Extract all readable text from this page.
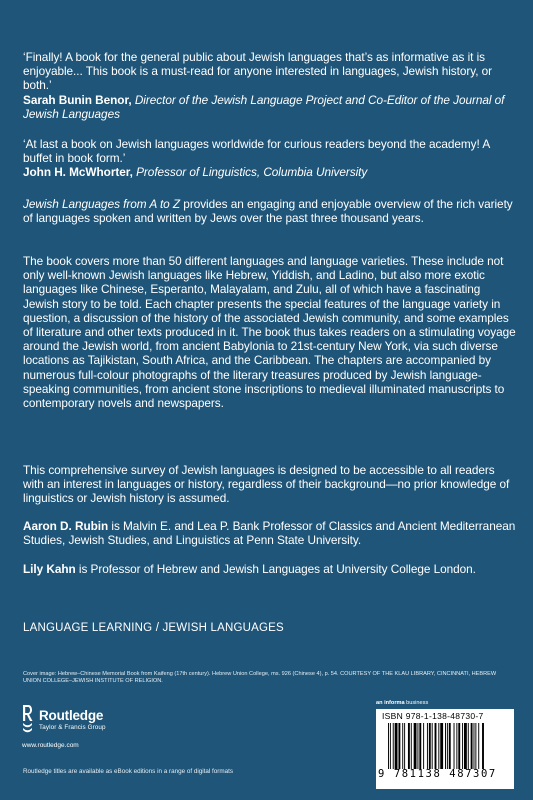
‘Finally! A book for the general public about Jewish languages that’s as informative as it is enjoyable... This book is a must-read for anyone interested in languages, Jewish history, or both.’

Sarah Bunin Benor, Director of the Jewish Language Project and Co-Editor of the Journal of Jewish Languages

‘At last a book on Jewish languages worldwide for curious readers beyond the academy! A buffet in book form.’

John H. McWhorter, Professor of Linguistics, Columbia University

Jewish Languages from A to Z provides an engaging and enjoyable overview of the rich variety of languages spoken and written by Jews over the past three thousand years.

The book covers more than 50 different languages and language varieties. These include not only well-known Jewish languages like Hebrew, Yiddish, and Ladino, but also more exotic languages like Chinese, Esperanto, Malayalam, and Zulu, all of which have a fascinating Jewish story to be told. Each chapter presents the special features of the language variety in question, a discussion of the history of the associated Jewish community, and some examples of literature and other texts produced in it. The book thus takes readers on a stimulating voyage around the Jewish world, from ancient Babylonia to 21st-century New York, via such diverse locations as Tajikistan, South Africa, and the Caribbean. The chapters are accompanied by numerous full-colour photographs of the literary treasures produced by Jewish language-speaking communities, from ancient stone inscriptions to medieval illuminated manuscripts to contemporary novels and newspapers.

This comprehensive survey of Jewish languages is designed to be accessible to all readers with an interest in languages or history, regardless of their background—no prior knowledge of linguistics or Jewish history is assumed.

Aaron D. Rubin is Malvin E. and Lea P. Bank Professor of Classics and Ancient Mediterranean Studies, Jewish Studies, and Linguistics at Penn State University.

Lily Kahn is Professor of Hebrew and Jewish Languages at University College London.

LANGUAGE LEARNING / JEWISH LANGUAGES
Cover image: Hebrew–Chinese Memorial Book from Kaifeng (17th century). Hebrew Union College, ms. 926 (Chinese 4), p. 54. COURTESY OF THE KLAU LIBRARY, CINCINNATI, HEBREW UNION COLLEGE–JEWISH INSTITUTE OF RELIGION.
Routledge
Taylor & Francis Group
www.routledge.com
Routledge titles are available as eBook editions in a range of digital formats
an informa business
ISBN 978-1-138-48730-7
9 781138 487307
